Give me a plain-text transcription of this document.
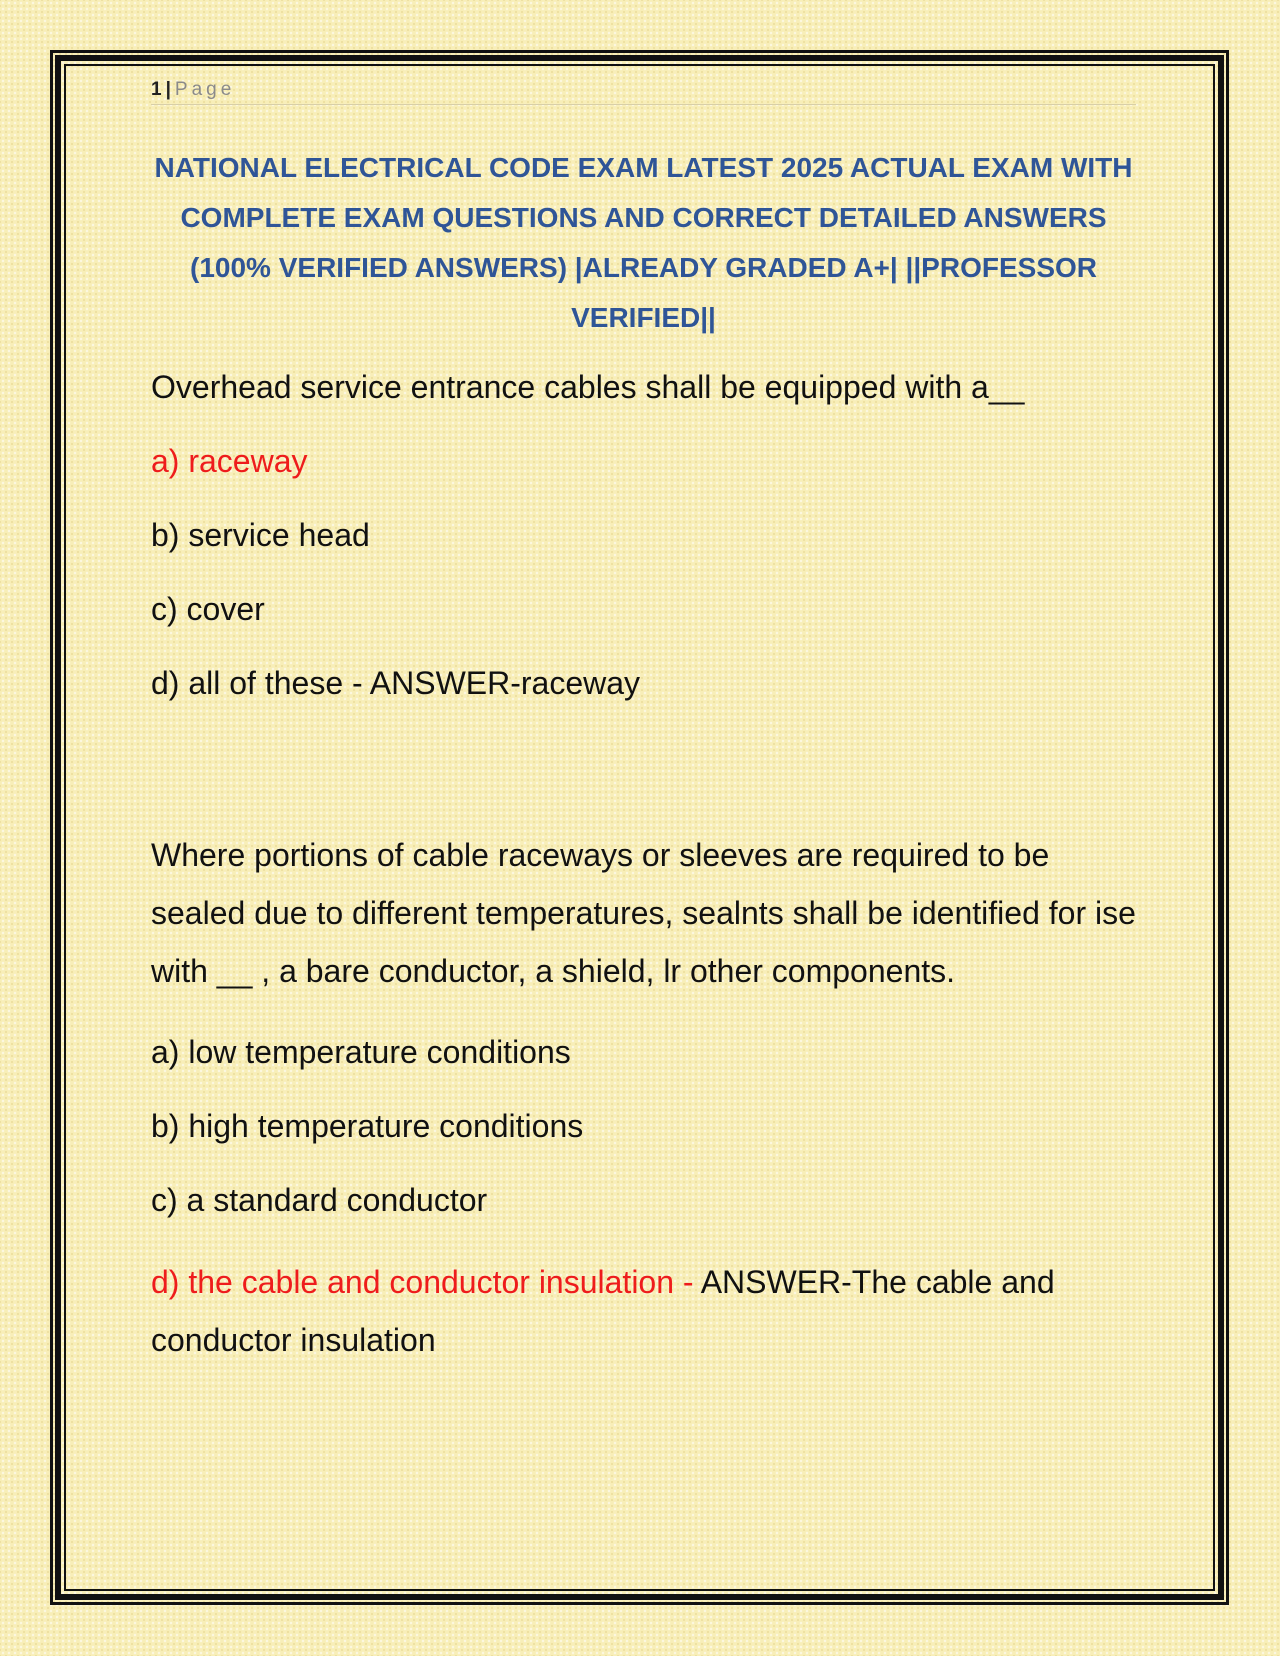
1 | Page
NATIONAL ELECTRICAL CODE EXAM LATEST 2025 ACTUAL EXAM WITH COMPLETE EXAM QUESTIONS AND CORRECT DETAILED ANSWERS (100% VERIFIED ANSWERS) |ALREADY GRADED A+| ||PROFESSOR VERIFIED||

Overhead service entrance cables shall be equipped with a__

a) raceway

b) service head

c) cover

d) all of these - ANSWER-raceway

Where portions of cable raceways or sleeves are required to be sealed due to different temperatures, sealnts shall be identified for ise with __ , a bare conductor, a shield, lr other components.

a) low temperature conditions

b) high temperature conditions

c) a standard conductor

d) the cable and conductor insulation - ANSWER-The cable and conductor insulation
